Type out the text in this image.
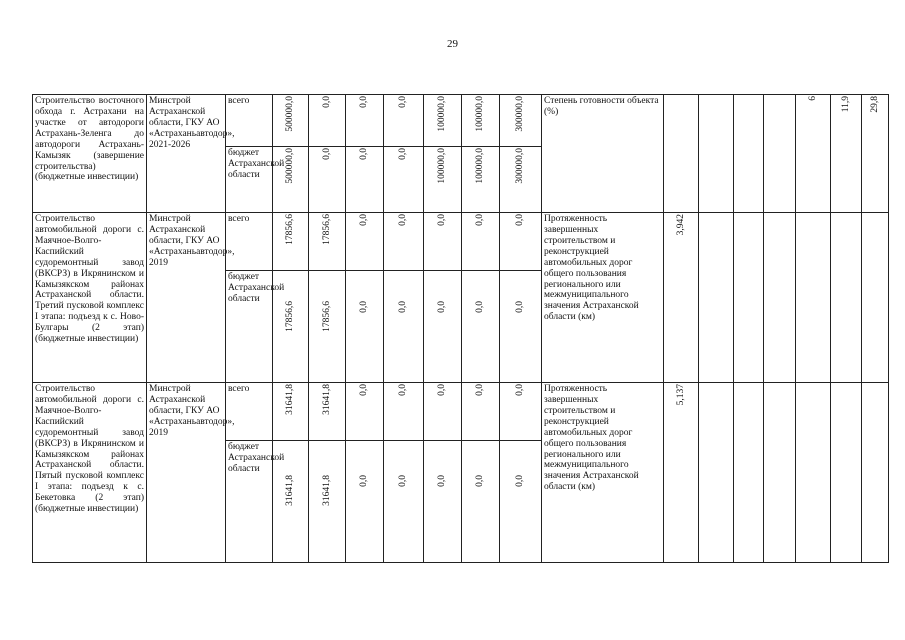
29
Строительство восточного обхода г. Астрахани на участке от автодороги Астрахань-Зеленга до автодороги Астрахань-Камызяк (завершение строительства) (бюджетные инвестиции)	Минстрой Астраханской области, ГКУ АО «Астраханьавтодор», 2021-2026	всего	500000,0	0,0	0,0	0,0	100000,0	100000,0	300000,0	Степень готовности объекта (%)					6	11,9	29,8

		бюджет Астраханской области	500000,0	0,0	0,0	0,0	100000,0	100000,0	300000,0								

Строительство автомобильной дороги с. Маячное-Волго-Каспийский судоремонтный завод (ВКСРЗ) в Икрянинском и Камызякском районах Астраханской области. Третий пусковой комплекс I этапа: подъезд к с. Ново-Булгары (2 этап) (бюджетные инвестиции)	Минстрой Астраханской области, ГКУ АО «Астраханьавтодор», 2019	всего	17856,6	17856,6	0,0	0,0	0,0	0,0	0,0	Протяженность завершенных строительством и реконструкцией автомобильных дорог общего пользования регионального или межмуниципального значения Астраханской области (км)	3,942						

		бюджет Астраханской области	17856,6	17856,6	0,0	0,0	0,0	0,0	0,0								

Строительство автомобильной дороги с. Маячное-Волго-Каспийский судоремонтный завод (ВКСРЗ) в Икрянинском и Камызякском районах Астраханской области. Пятый пусковой комплекс I этапа: подъезд к с. Бекетовка (2 этап) (бюджетные инвестиции)	Минстрой Астраханской области, ГКУ АО «Астраханьавтодор», 2019	всего	31641,8	31641,8	0,0	0,0	0,0	0,0	0,0	Протяженность завершенных строительством и реконструкцией автомобильных дорог общего пользования регионального или межмуниципального значения Астраханской области (км)	5,137						

		бюджет Астраханской области	31641,8	31641,8	0,0	0,0	0,0	0,0	0,0								
